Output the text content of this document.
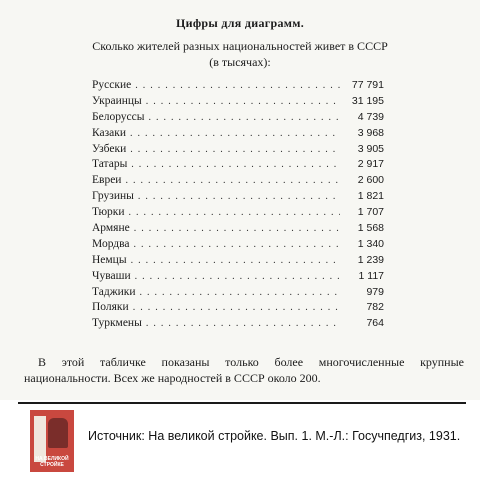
Цифры для диаграмм.
Сколько жителей разных национальностей живет в СССР
(в тысячах):
Русские .....	77 791
Украинцы .....	31 195
Белоруссы .....	4 739
Казаки .....	3 968
Узбеки .....	3 905
Татары .....	2 917
Евреи .....	2 600
Грузины .....	1 821
Тюрки .....	1 707
Армяне .....	1 568
Мордва .....	1 340
Немцы .....	1 239
Чуваши .....	1 117
Таджики .....	979
Поляки .....	782
Туркмены .....	764
В этой табличке показаны только более многочисленные крупные национальности. Всех же народностей в СССР около 200.
НА ВЕЛИКОЙ СТРОЙКЕ
Источник: На великой стройке. Вып. 1. М.-Л.: Госучпедгиз, 1931.
